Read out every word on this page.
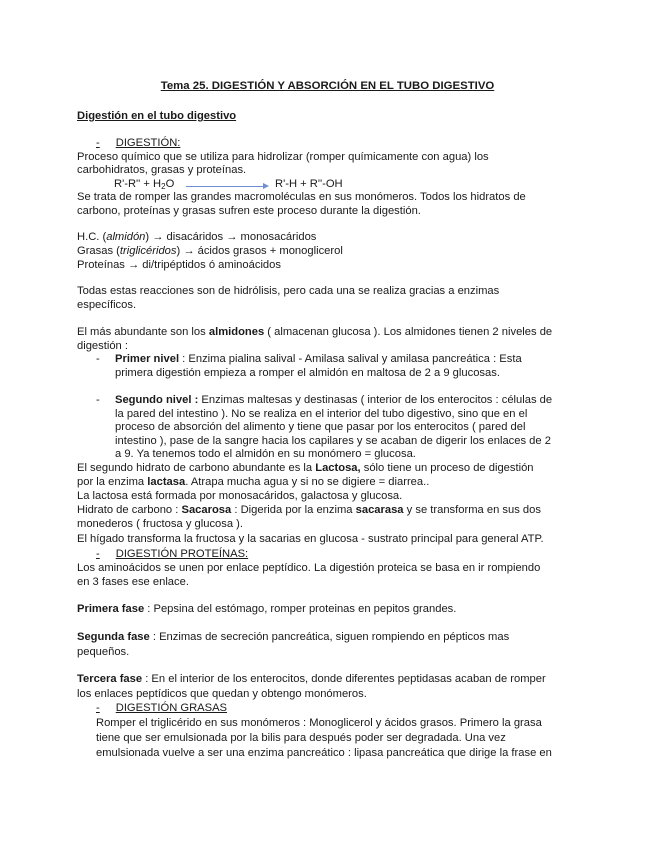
Tema 25. DIGESTIÓN Y ABSORCIÓN EN EL TUBO DIGESTIVO
Digestión en el tubo digestivo
- DIGESTIÓN:
Proceso químico que se utiliza para hidrolizar (romper químicamente con agua) los
carbohidratos, grasas y proteínas.
$R'-R'' + H_2O$	R'-H + R''-OH
Se trata de romper las grandes macromoléculas en sus monómeros. Todos los hidratos de
carbono, proteínas y grasas sufren este proceso durante la digestión.
H.C. (almidón) → disacáridos → monosacáridos
Grasas (triglicéridos) → ácidos grasos + monoglicerol
Proteínas → di/tripéptidos ó aminoácidos
Todas estas reacciones son de hidrólisis, pero cada una se realiza gracias a enzimas
específicos.
El más abundante son los almidones ( almacenan glucosa ). Los almidones tienen 2 niveles de
digestión :
- Primer nivel : Enzima pialina salival - Amilasa salival y amilasa pancreática : Esta
primera digestión empieza a romper el almidón en maltosa de 2 a 9 glucosas.
- Segundo nivel : Enzimas maltesas y destinasas ( interior de los enterocitos : células de
la pared del intestino ). No se realiza en el interior del tubo digestivo, sino que en el
proceso de absorción del alimento y tiene que pasar por los enterocitos ( pared del
intestino ), pase de la sangre hacia los capilares y se acaban de digerir los enlaces de 2
a 9. Ya tenemos todo el almidón en su monómero = glucosa.
El segundo hidrato de carbono abundante es la Lactosa, sólo tiene un proceso de digestión
por la enzima lactasa. Atrapa mucha agua y si no se digiere = diarrea..
La lactosa está formada por monosacáridos, galactosa y glucosa.
Hidrato de carbono : Sacarosa : Digerida por la enzima sacarasa y se transforma en sus dos
monederos ( fructosa y glucosa ).
El hígado transforma la fructosa y la sacarias en glucosa - sustrato principal para general ATP.
- DIGESTIÓN PROTEÍNAS:
Los aminoácidos se unen por enlace peptídico. La digestión proteica se basa en ir rompiendo
en 3 fases ese enlace.
Primera fase : Pepsina del estómago, romper proteinas en pepitos grandes.
Segunda fase : Enzimas de secreción pancreática, siguen rompiendo en pépticos mas
pequeños.
Tercera fase : En el interior de los enterocitos, donde diferentes peptidasas acaban de romper
los enlaces peptídicos que quedan y obtengo monómeros.
- DIGESTIÓN GRASAS
Romper el triglicérido en sus monómeros : Monoglicerol y ácidos grasos. Primero la grasa
tiene que ser emulsionada por la bilis para después poder ser degradada. Una vez
emulsionada vuelve a ser una enzima pancreático : lipasa pancreática que dirige la frase en
